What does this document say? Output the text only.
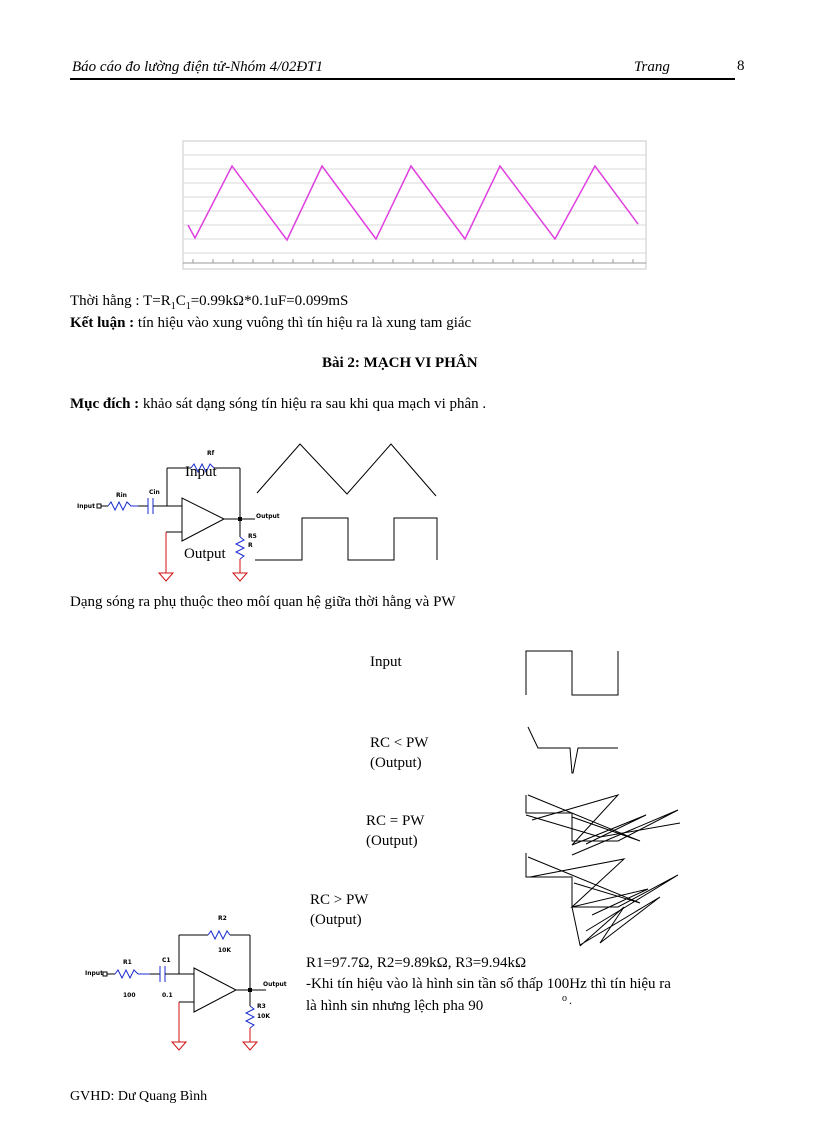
Báo cáo đo lường điện tử-Nhóm 4/02ĐT1	Trang	8
Thời hằng : $T=R_1C_1=0.99k\Omega*0.1uF=0.099mS$
Kết luận : tín hiệu vào xung vuông thì tín hiệu ra là xung tam giác
Bài 2: MẠCH VI PHÂN
Mục đích : khảo sát dạng sóng tín hiệu ra sau khi qua mạch vi phân .
Input
Rin	Cin
Rf
Input
Output
Output
R5
R
Dạng sóng ra phụ thuộc theo môí quan hệ giữa thời hằng và PW
Input
RC < PW
(Output)
RC = PW
(Output)
RC > PW
(Output)
Input
R1
100
C1
0.1
R2
10K
Output
R3
10K
R1=97.7Ω, R2=9.89kΩ, R3=9.94kΩ
-Khi tín hiệu vào là hình sin tần số thấp 100Hz thì tín hiệu ra
là hình sin nhưng lệch pha 90	o .
GVHD: Dư Quang Bình
